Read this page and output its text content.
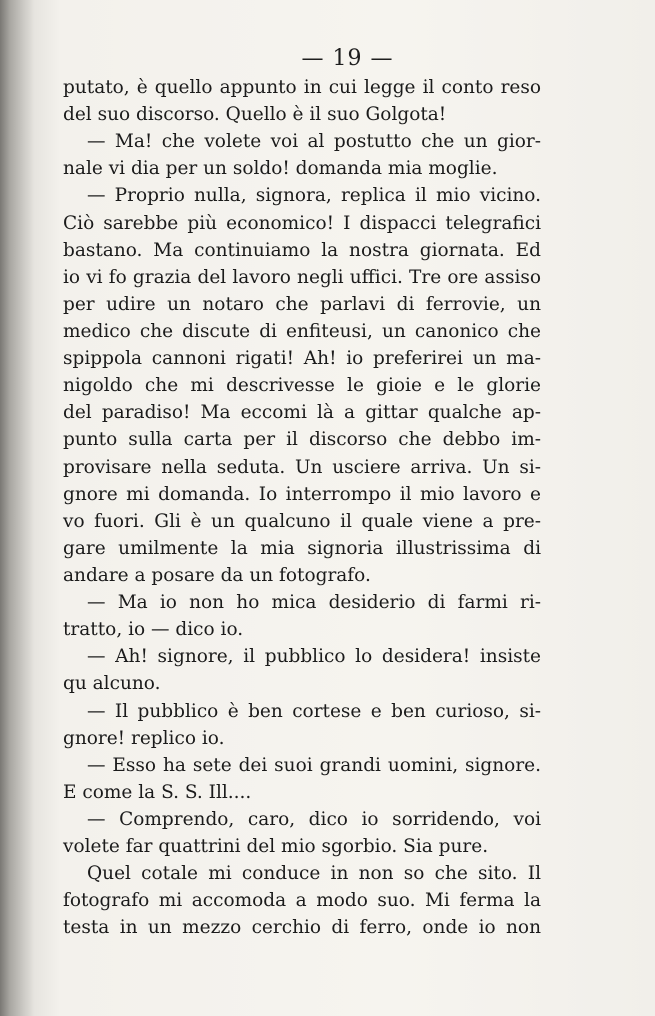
— 19 —
putato, è quello appunto in cui legge il conto reso
del suo discorso. Quello è il suo Golgota!
— Ma! che volete voi al postutto che un gior-
nale vi dia per un soldo! domanda mia moglie.
— Proprio nulla, signora, replica il mio vicino.
Ciò sarebbe più economico! I dispacci telegrafici
bastano. Ma continuiamo la nostra giornata. Ed
io vi fo grazia del lavoro negli uffici. Tre ore assiso
per udire un notaro che parlavi di ferrovie, un
medico che discute di enfiteusi, un canonico che
spippola cannoni rigati! Ah! io preferirei un ma-
nigoldo che mi descrivesse le gioie e le glorie
del paradiso! Ma eccomi là a gittar qualche ap-
punto sulla carta per il discorso che debbo im-
provisare nella seduta. Un usciere arriva. Un si-
gnore mi domanda. Io interrompo il mio lavoro e
vo fuori. Gli è un qualcuno il quale viene a pre-
gare umilmente la mia signoria illustrissima di
andare a posare da un fotografo.
— Ma io non ho mica desiderio di farmi ri-
tratto, io — dico io.
— Ah! signore, il pubblico lo desidera! insiste
qu alcuno.
— Il pubblico è ben cortese e ben curioso, si-
gnore! replico io.
— Esso ha sete dei suoi grandi uomini, signore.
E come la S. S. Ill....
— Comprendo, caro, dico io sorridendo, voi
volete far quattrini del mio sgorbio. Sia pure.
Quel cotale mi conduce in non so che sito. Il
fotografo mi accomoda a modo suo. Mi ferma la
testa in un mezzo cerchio di ferro, onde io non
